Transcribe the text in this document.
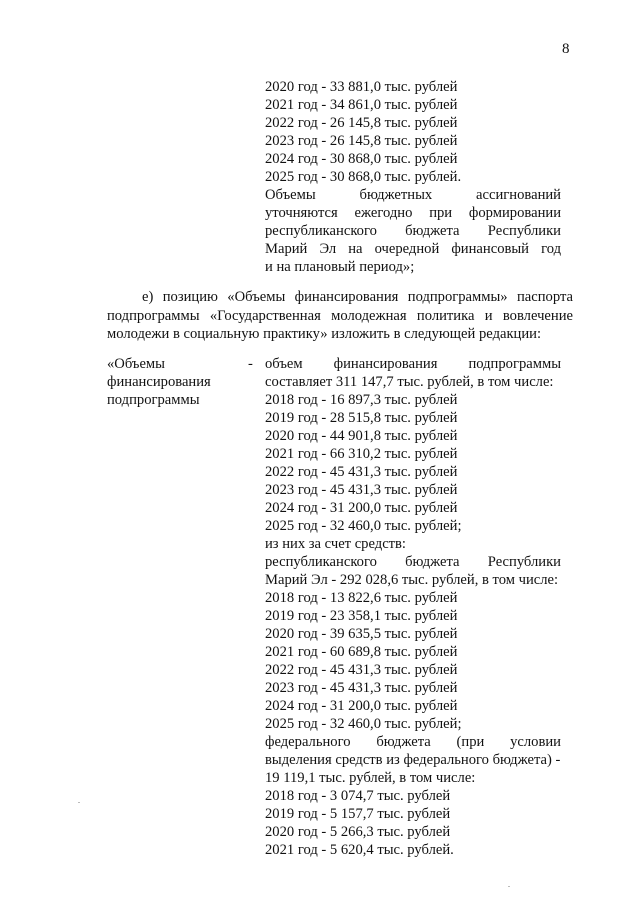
8
2020 год - 33 881,0 тыс. рублей
2021 год - 34 861,0 тыс. рублей
2022 год - 26 145,8 тыс. рублей
2023 год - 26 145,8 тыс. рублей
2024 год - 30 868,0 тыс. рублей
2025 год - 30 868,0 тыс. рублей.
Объемы бюджетных ассигнований
уточняются ежегодно при формировании
республиканского бюджета Республики
Марий Эл на очередной финансовый год
и на плановый период»;
е) позицию «Объемы финансирования подпрограммы» паспорта подпрограммы «Государственная молодежная политика и вовлечение молодежи в социальную практику» изложить в следующей редакции:
«Объемы
финансирования
подпрограммы
- объем финансирования подпрограммы
составляет 311 147,7 тыс. рублей, в том числе:
2018 год - 16 897,3 тыс. рублей
2019 год - 28 515,8 тыс. рублей
2020 год - 44 901,8 тыс. рублей
2021 год - 66 310,2 тыс. рублей
2022 год - 45 431,3 тыс. рублей
2023 год - 45 431,3 тыс. рублей
2024 год - 31 200,0 тыс. рублей
2025 год - 32 460,0 тыс. рублей;
из них за счет средств:
республиканского бюджета Республики
Марий Эл - 292 028,6 тыс. рублей, в том числе:
2018 год - 13 822,6 тыс. рублей
2019 год - 23 358,1 тыс. рублей
2020 год - 39 635,5 тыс. рублей
2021 год - 60 689,8 тыс. рублей
2022 год - 45 431,3 тыс. рублей
2023 год - 45 431,3 тыс. рублей
2024 год - 31 200,0 тыс. рублей
2025 год - 32 460,0 тыс. рублей;
федерального бюджета (при условии
выделения средств из федерального бюджета) -
19 119,1 тыс. рублей, в том числе:
2018 год - 3 074,7 тыс. рублей
2019 год - 5 157,7 тыс. рублей
2020 год - 5 266,3 тыс. рублей
2021 год - 5 620,4 тыс. рублей.
